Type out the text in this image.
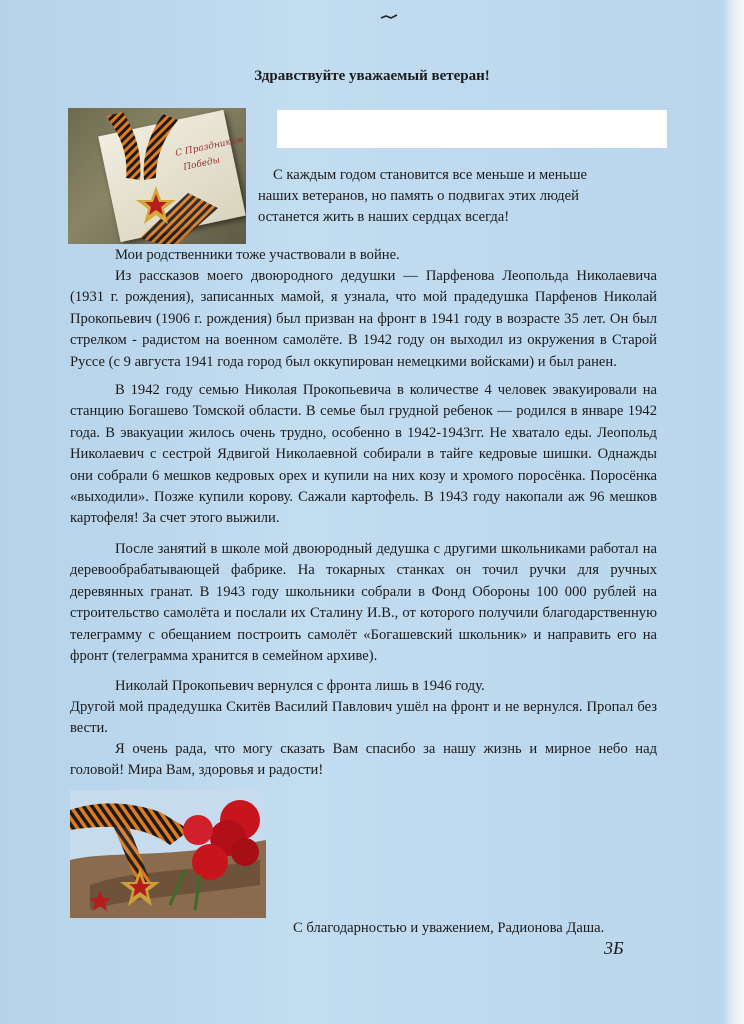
Здравствуйте уважаемый ветеран!
С Праздником
Победы
С каждым годом становится все меньше и меньше
наших ветеранов, но память о подвигах этих людей
останется жить в наших сердцах всегда!
Мои родственники тоже участвовали в войне.
Из рассказов моего двоюродного дедушки — Парфенова Леопольда Николаевича (1931 г. рождения), записанных мамой, я узнала, что мой прадедушка Парфенов Николай Прокопьевич (1906 г. рождения) был призван на фронт в 1941 году в возрасте 35 лет. Он был стрелком - радистом на военном самолёте. В 1942 году он выходил из окружения в Старой Руссе (с 9 августа 1941 года город был оккупирован немецкими войсками) и был ранен.
В 1942 году семью Николая Прокопьевича в количестве 4 человек эвакуировали на станцию Богашево Томской области. В семье был грудной ребенок — родился в январе 1942 года. В эвакуации жилось очень трудно, особенно в 1942-1943гг. Не хватало еды. Леопольд Николаевич с сестрой Ядвигой Николаевной собирали в тайге кедровые шишки. Однажды они собрали 6 мешков кедровых орех и купили на них козу и хромого поросёнка. Поросёнка «выходили». Позже купили корову. Сажали картофель. В 1943 году накопали аж 96 мешков картофеля! За счет этого выжили.
После занятий в школе мой двоюродный дедушка с другими школьниками работал на деревообрабатывающей фабрике. На токарных станках он точил ручки для ручных деревянных гранат. В 1943 году школьники собрали в Фонд Обороны 100 000 рублей на строительство самолёта и послали их Сталину И.В., от которого получили благодарственную телеграмму с обещанием построить самолёт «Богашевский школьник» и направить его на фронт (телеграмма хранится в семейном архиве).
Николай Прокопьевич вернулся с фронта лишь в 1946 году.
Другой мой прадедушка Скитёв Василий Павлович ушёл на фронт и не вернулся. Пропал без вести.
Я очень рада, что могу сказать Вам спасибо за нашу жизнь и мирное небо над головой! Мира Вам, здоровья и радости!
С благодарностью и уважением, Радионова Даша.
3Б
